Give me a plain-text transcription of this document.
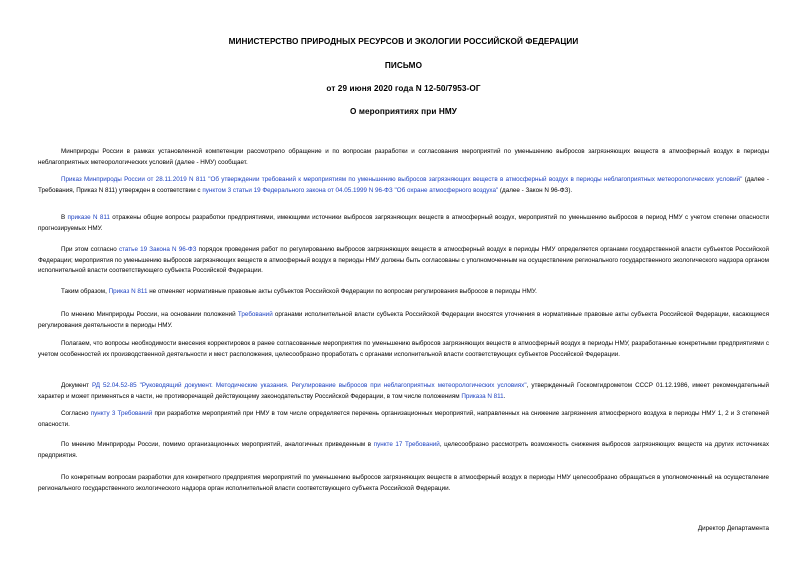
МИНИСТЕРСТВО ПРИРОДНЫХ РЕСУРСОВ И ЭКОЛОГИИ РОССИЙСКОЙ ФЕДЕРАЦИИ
ПИСЬМО
от 29 июня 2020 года N 12-50/7953-ОГ
О мероприятиях при НМУ
Минприроды России в рамках установленной компетенции рассмотрело обращение и по вопросам разработки и согласования мероприятий по уменьшению выбросов загрязняющих веществ в атмосферный воздух в периоды неблагоприятных метеорологических условий (далее - НМУ) сообщает.
Приказ Минприроды России от 28.11.2019 N 811 "Об утверждении требований к мероприятиям по уменьшению выбросов загрязняющих веществ в атмосферный воздух в периоды неблагоприятных метеорологических условий" (далее - Требования, Приказ N 811) утвержден в соответствии с пунктом 3 статьи 19 Федерального закона от 04.05.1999 N 96-ФЗ "Об охране атмосферного воздуха" (далее - Закон N 96-ФЗ).
В приказе N 811 отражены общие вопросы разработки предприятиями, имеющими источники выбросов загрязняющих веществ в атмосферный воздух, мероприятий по уменьшению выбросов в период НМУ с учетом степени опасности прогнозируемых НМУ.
При этом согласно статье 19 Закона N 96-ФЗ порядок проведения работ по регулированию выбросов загрязняющих веществ в атмосферный воздух в периоды НМУ определяется органами государственной власти субъектов Российской Федерации; мероприятия по уменьшению выбросов загрязняющих веществ в атмосферный воздух в периоды НМУ должны быть согласованы с уполномоченным на осуществление регионального государственного экологического надзора органом исполнительной власти соответствующего субъекта Российской Федерации.
Таким образом, Приказ N 811 не отменяет нормативные правовые акты субъектов Российской Федерации по вопросам регулирования выбросов в периоды НМУ.
По мнению Минприроды России, на основании положений Требований органами исполнительной власти субъекта Российской Федерации вносятся уточнения в нормативные правовые акты субъекта Российской Федерации, касающиеся регулирования деятельности в периоды НМУ.
Полагаем, что вопросы необходимости внесения корректировок в ранее согласованные мероприятия по уменьшению выбросов загрязняющих веществ в атмосферный воздух в периоды НМУ, разработанные конкретными предприятиями с учетом особенностей их производственной деятельности и мест расположения, целесообразно проработать с органами исполнительной власти соответствующих субъектов Российской Федерации.
Документ РД 52.04.52-85 "Руководящий документ. Методические указания. Регулирование выбросов при неблагоприятных метеорологических условиях", утвержденный Госкомгидрометом СССР 01.12.1986, имеет рекомендательный характер и может применяться в части, не противоречащей действующему законодательству Российской Федерации, в том числе положениям Приказа N 811.
Согласно пункту 3 Требований при разработке мероприятий при НМУ в том числе определяется перечень организационных мероприятий, направленных на снижение загрязнения атмосферного воздуха в периоды НМУ 1, 2 и 3 степеней опасности.
По мнению Минприроды России, помимо организационных мероприятий, аналогичных приведенным в пункте 17 Требований, целесообразно рассмотреть возможность снижения выбросов загрязняющих веществ на других источниках предприятия.
По конкретным вопросам разработки для конкретного предприятия мероприятий по уменьшению выбросов загрязняющих веществ в атмосферный воздух в периоды НМУ целесообразно обращаться в уполномоченный на осуществление регионального государственного экологического надзора орган исполнительной власти соответствующего субъекта Российской Федерации.
Директор Департамента
